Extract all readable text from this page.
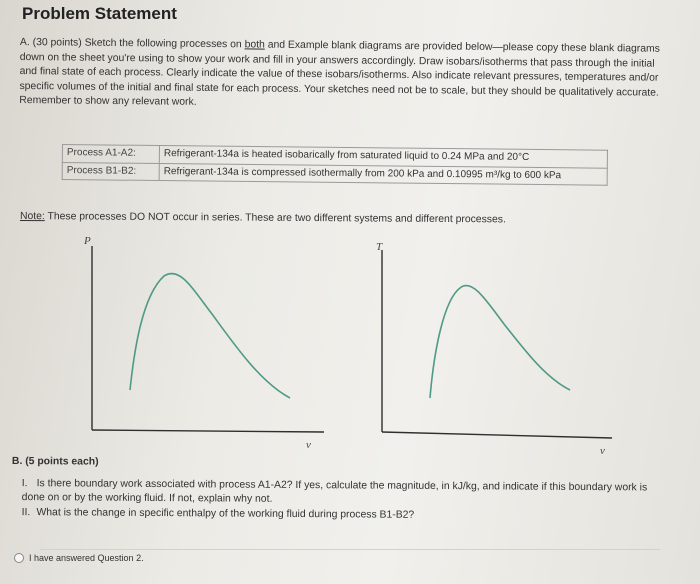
Problem Statement
A. (30 points) Sketch the following processes on both and Example blank diagrams are provided below—please copy these blank diagrams down on the sheet you're using to show your work and fill in your answers accordingly. Draw isobars/isotherms that pass through the initial and final state of each process. Clearly indicate the value of these isobars/isotherms. Also indicate relevant pressures, temperatures and/or specific volumes of the initial and final state for each process. Your sketches need not be to scale, but they should be qualitatively accurate. Remember to show any relevant work.
Process A1-A2:	Refrigerant-134a is heated isobarically from saturated liquid to 0.24 MPa and 20°C
Process B1-B2:	Refrigerant-134a is compressed isothermally from 200 kPa and 0.10995 m³/kg to 600 kPa
Note: These processes DO NOT occur in series. These are two different systems and different processes.
P
v
T
v
B. (5 points each)
I. Is there boundary work associated with process A1-A2? If yes, calculate the magnitude, in kJ/kg, and indicate if this boundary work is done on or by the working fluid. If not, explain why not.
II. What is the change in specific enthalpy of the working fluid during process B1-B2?
I have answered Question 2.
